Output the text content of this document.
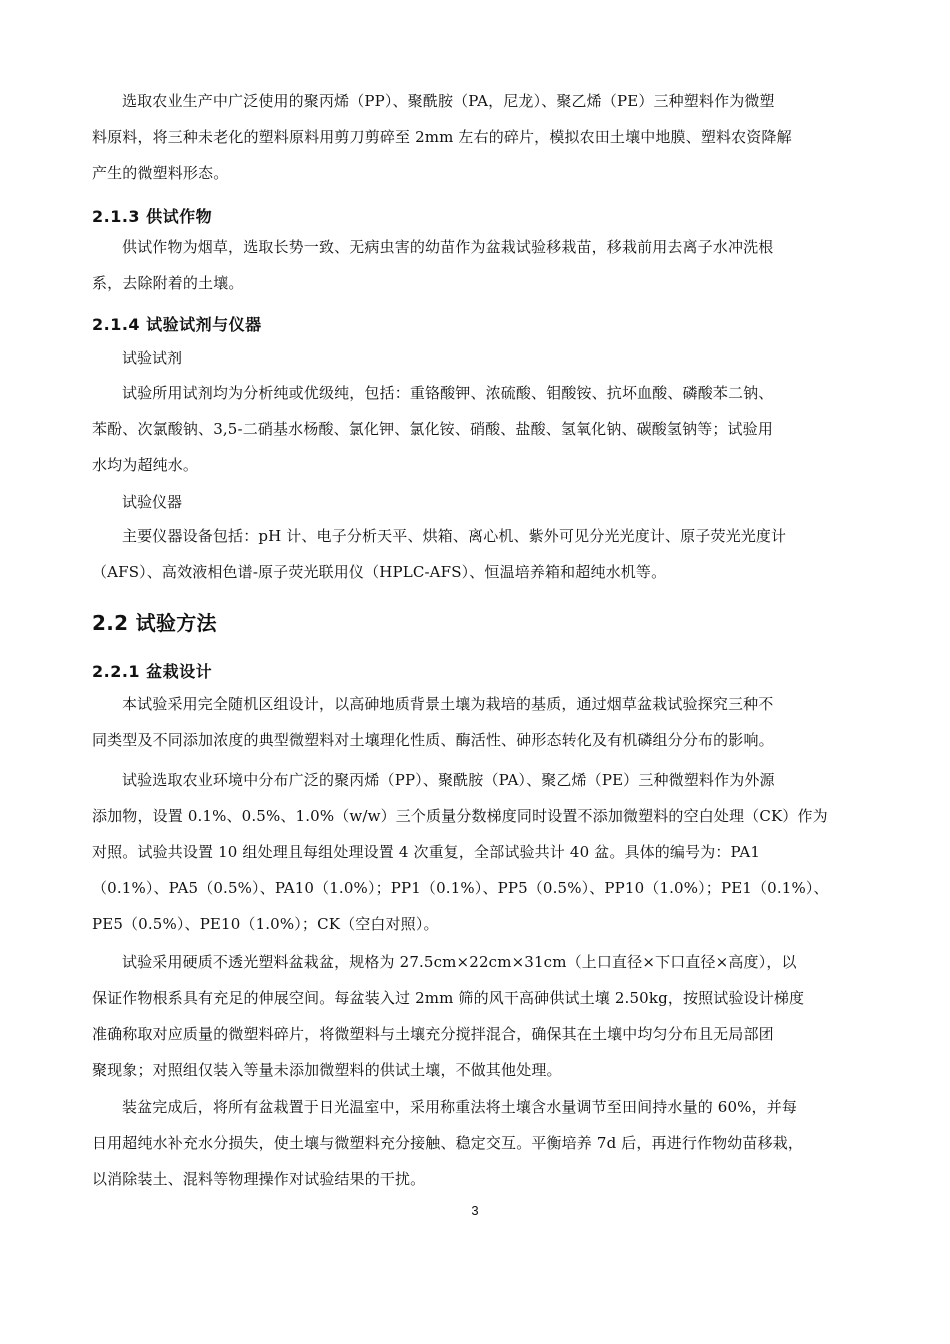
选取农业生产中广泛使用的聚丙烯（PP）、聚酰胺（PA，尼龙）、聚乙烯（PE）三种塑料作为微塑
料原料，将三种未老化的塑料原料用剪刀剪碎至 2mm 左右的碎片，模拟农田土壤中地膜、塑料农资降解
产生的微塑料形态。
2.1.3 供试作物
供试作物为烟草，选取长势一致、无病虫害的幼苗作为盆栽试验移栽苗，移栽前用去离子水冲洗根
系，去除附着的土壤。
2.1.4 试验试剂与仪器

试验试剂

试验所用试剂均为分析纯或优级纯，包括：重铬酸钾、浓硫酸、钼酸铵、抗坏血酸、磷酸苯二钠、
苯酚、次氯酸钠、3,5-二硝基水杨酸、氯化钾、氯化铵、硝酸、盐酸、氢氧化钠、碳酸氢钠等；试验用
水均为超纯水。

试验仪器

主要仪器设备包括：pH 计、电子分析天平、烘箱、离心机、紫外可见分光光度计、原子荧光光度计
（AFS）、高效液相色谱-原子荧光联用仪（HPLC-AFS）、恒温培养箱和超纯水机等。
2.2 试验方法
2.2.1 盆栽设计
本试验采用完全随机区组设计，以高砷地质背景土壤为栽培的基质，通过烟草盆栽试验探究三种不
同类型及不同添加浓度的典型微塑料对土壤理化性质、酶活性、砷形态转化及有机磷组分分布的影响。
试验选取农业环境中分布广泛的聚丙烯（PP）、聚酰胺（PA）、聚乙烯（PE）三种微塑料作为外源
添加物，设置 0.1%、0.5%、1.0%（w/w）三个质量分数梯度同时设置不添加微塑料的空白处理（CK）作为
对照。试验共设置 10 组处理且每组处理设置 4 次重复，全部试验共计 40 盆。具体的编号为：PA1
（0.1%）、PA5（0.5%）、PA10（1.0%）；PP1（0.1%）、PP5（0.5%）、PP10（1.0%）；PE1（0.1%）、
PE5（0.5%）、PE10（1.0%）；CK（空白对照）。
试验采用硬质不透光塑料盆栽盆，规格为 27.5cm×22cm×31cm（上口直径×下口直径×高度），以
保证作物根系具有充足的伸展空间。每盆装入过 2mm 筛的风干高砷供试土壤 2.50kg，按照试验设计梯度
准确称取对应质量的微塑料碎片，将微塑料与土壤充分搅拌混合，确保其在土壤中均匀分布且无局部团
聚现象；对照组仅装入等量未添加微塑料的供试土壤，不做其他处理。
装盆完成后，将所有盆栽置于日光温室中，采用称重法将土壤含水量调节至田间持水量的 60%，并每
日用超纯水补充水分损失，使土壤与微塑料充分接触、稳定交互。平衡培养 7d 后，再进行作物幼苗移栽，
以消除装土、混料等物理操作对试验结果的干扰。
3
